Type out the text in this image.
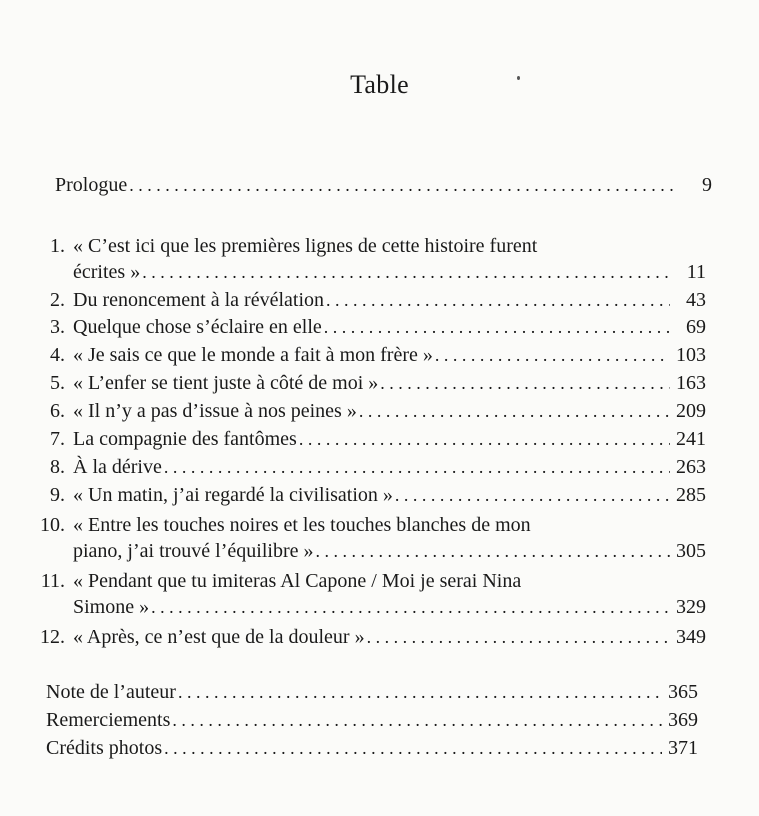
Table
Prologue . . .	9
1. « C’est ici que les premières lignes de cette histoire furent
écrites » . . .	11
2. Du renoncement à la révélation . . .	43
3. Quelque chose s’éclaire en elle . . .	69
4. « Je sais ce que le monde a fait à mon frère » . . .	103
5. « L’enfer se tient juste à côté de moi » . . .	163
6. « Il n’y a pas d’issue à nos peines » . . .	209
7. La compagnie des fantômes . . .	241
8. À la dérive . . .	263
9. « Un matin, j’ai regardé la civilisation » . . .	285
10. « Entre les touches noires et les touches blanches de mon
piano, j’ai trouvé l’équilibre » . . .	305
11. « Pendant que tu imiteras Al Capone / Moi je serai Nina
Simone » . . .	329
12. « Après, ce n’est que de la douleur » . . .	349
Note de l’auteur . . .	365
Remerciements . . .	369
Crédits photos . . .	371
